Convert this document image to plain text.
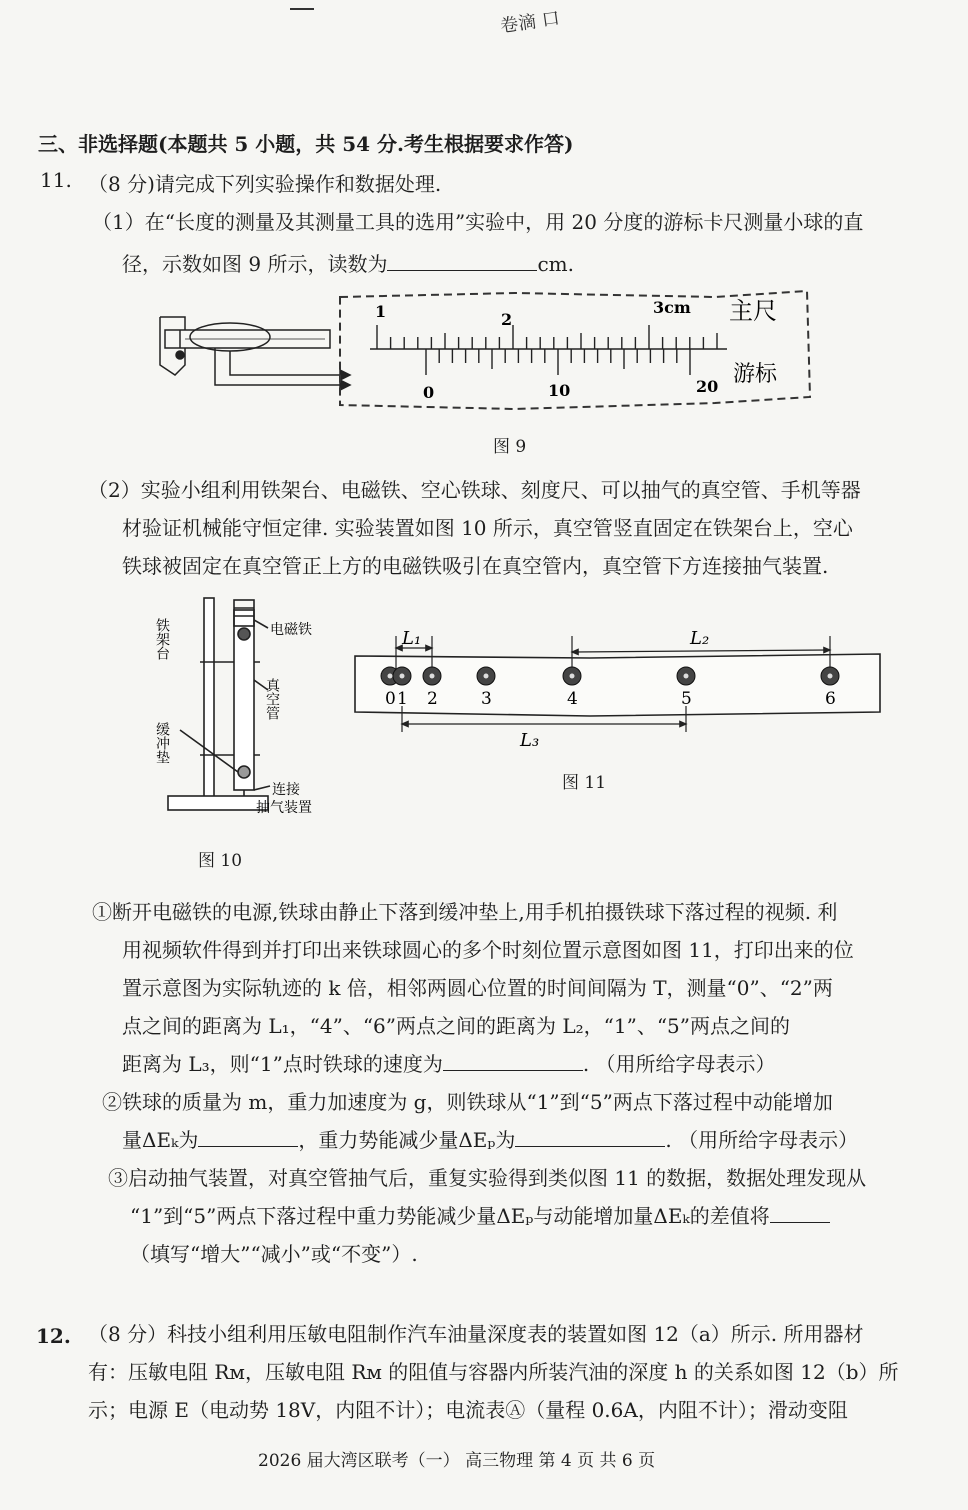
卷滴 口
三、非选择题(本题共 5 小题，共 54 分.考生根据要求作答)
11. （8 分)请完成下列实验操作和数据处理.
（1）在“长度的测量及其测量工具的选用”实验中，用 20 分度的游标卡尺测量小球的直
径，示数如图 9 所示，读数为	cm.
1	2
3cm
0	10	20
主尺
游标
图 9
（2）实验小组利用铁架台、电磁铁、空心铁球、刻度尺、可以抽气的真空管、手机等器
材验证机械能守恒定律. 实验装置如图 10 所示，真空管竖直固定在铁架台上，空心
铁球被固定在真空管正上方的电磁铁吸引在真空管内，真空管下方连接抽气装置.
铁架台	电磁铁
真空管
缓冲垫
连接
抽气装置
图 10
L₁	L₂
L₃
0 1 2	3	4	5	6
图 11
①断开电磁铁的电源,铁球由静止下落到缓冲垫上,用手机拍摄铁球下落过程的视频. 利
用视频软件得到并打印出来铁球圆心的多个时刻位置示意图如图 11，打印出来的位
置示意图为实际轨迹的 k 倍，相邻两圆心位置的时间间隔为 T，测量“0”、“2”两
点之间的距离为 L₁，“4”、“6”两点之间的距离为 L₂，“1”、“5”两点之间的
距离为 L₃，则“1”点时铁球的速度为	. （用所给字母表示）
②铁球的质量为 m，重力加速度为 g，则铁球从“1”到“5”两点下落过程中动能增加
量ΔEₖ为	，重力势能减少量ΔEₚ为	. （用所给字母表示）
③启动抽气装置，对真空管抽气后，重复实验得到类似图 11 的数据，数据处理发现从
“1”到“5”两点下落过程中重力势能减少量ΔEₚ与动能增加量ΔEₖ的差值将
（填写“增大”“减小”或“不变”）.
12. （8 分）科技小组利用压敏电阻制作汽车油量深度表的装置如图 12（a）所示. 所用器材
有：压敏电阻 Rᴍ，压敏电阻 Rᴍ 的阻值与容器内所装汽油的深度 h 的关系如图 12（b）所
示；电源 E（电动势 18V，内阻不计）；电流表Ⓐ（量程 0.6A，内阻不计）；滑动变阻
2026 届大湾区联考（一） 高三物理 第 4 页 共 6 页
